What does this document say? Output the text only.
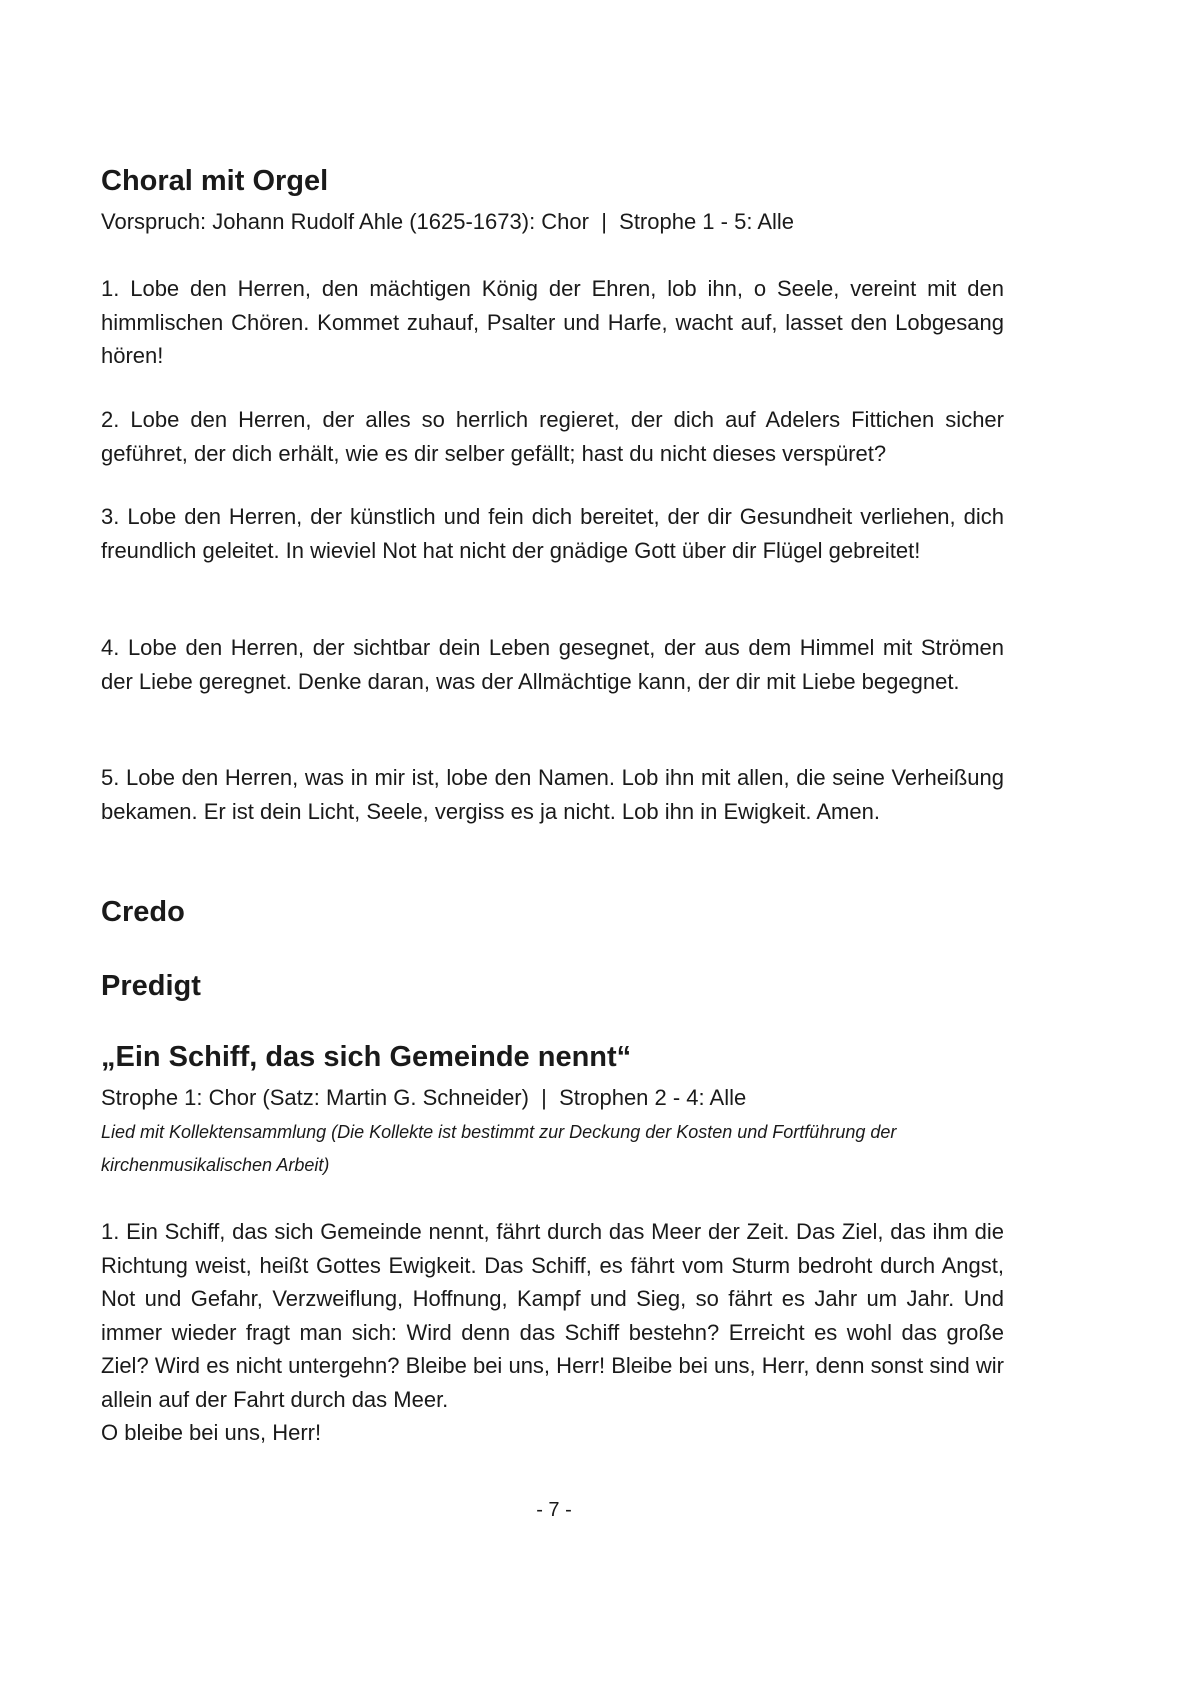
Choral mit Orgel

Vorspruch: Johann Rudolf Ahle (1625-1673): Chor  |  Strophe 1 - 5: Alle

1. Lobe den Herren, den mächtigen König der Ehren, lob ihn, o Seele, vereint mit den himmlischen Chören. Kommet zuhauf, Psalter und Harfe, wacht auf, lasset den Lobgesang hören!

2. Lobe den Herren, der alles so herrlich regieret, der dich auf Adelers Fittichen sicher geführet, der dich erhält, wie es dir selber gefällt; hast du nicht dieses verspüret?

3. Lobe den Herren, der künstlich und fein dich bereitet, der dir Gesundheit verliehen, dich freundlich geleitet. In wieviel Not hat nicht der gnädige Gott über dir Flügel gebreitet!

4. Lobe den Herren, der sichtbar dein Leben gesegnet, der aus dem Himmel mit Strömen der Liebe geregnet. Denke daran, was der Allmächtige kann, der dir mit Liebe begegnet.

5. Lobe den Herren, was in mir ist, lobe den Namen. Lob ihn mit allen, die seine Verheißung bekamen. Er ist dein Licht, Seele, vergiss es ja nicht. Lob ihn in Ewigkeit. Amen.

Credo
Predigt
„Ein Schiff, das sich Gemeinde nennt“

Strophe 1: Chor (Satz: Martin G. Schneider)  |  Strophen 2 - 4: Alle

Lied mit Kollektensammlung (Die Kollekte ist bestimmt zur Deckung der Kosten und Fortführung der kirchenmusikalischen Arbeit)

1. Ein Schiff, das sich Gemeinde nennt, fährt durch das Meer der Zeit. Das Ziel, das ihm die Richtung weist, heißt Gottes Ewigkeit. Das Schiff, es fährt vom Sturm bedroht durch Angst, Not und Gefahr, Verzweiflung, Hoffnung, Kampf und Sieg, so fährt es Jahr um Jahr. Und immer wieder fragt man sich: Wird denn das Schiff bestehn? Erreicht es wohl das große Ziel? Wird es nicht untergehn? Bleibe bei uns, Herr! Bleibe bei uns, Herr, denn sonst sind wir allein auf der Fahrt durch das Meer.

O bleibe bei uns, Herr!

- 7 -
